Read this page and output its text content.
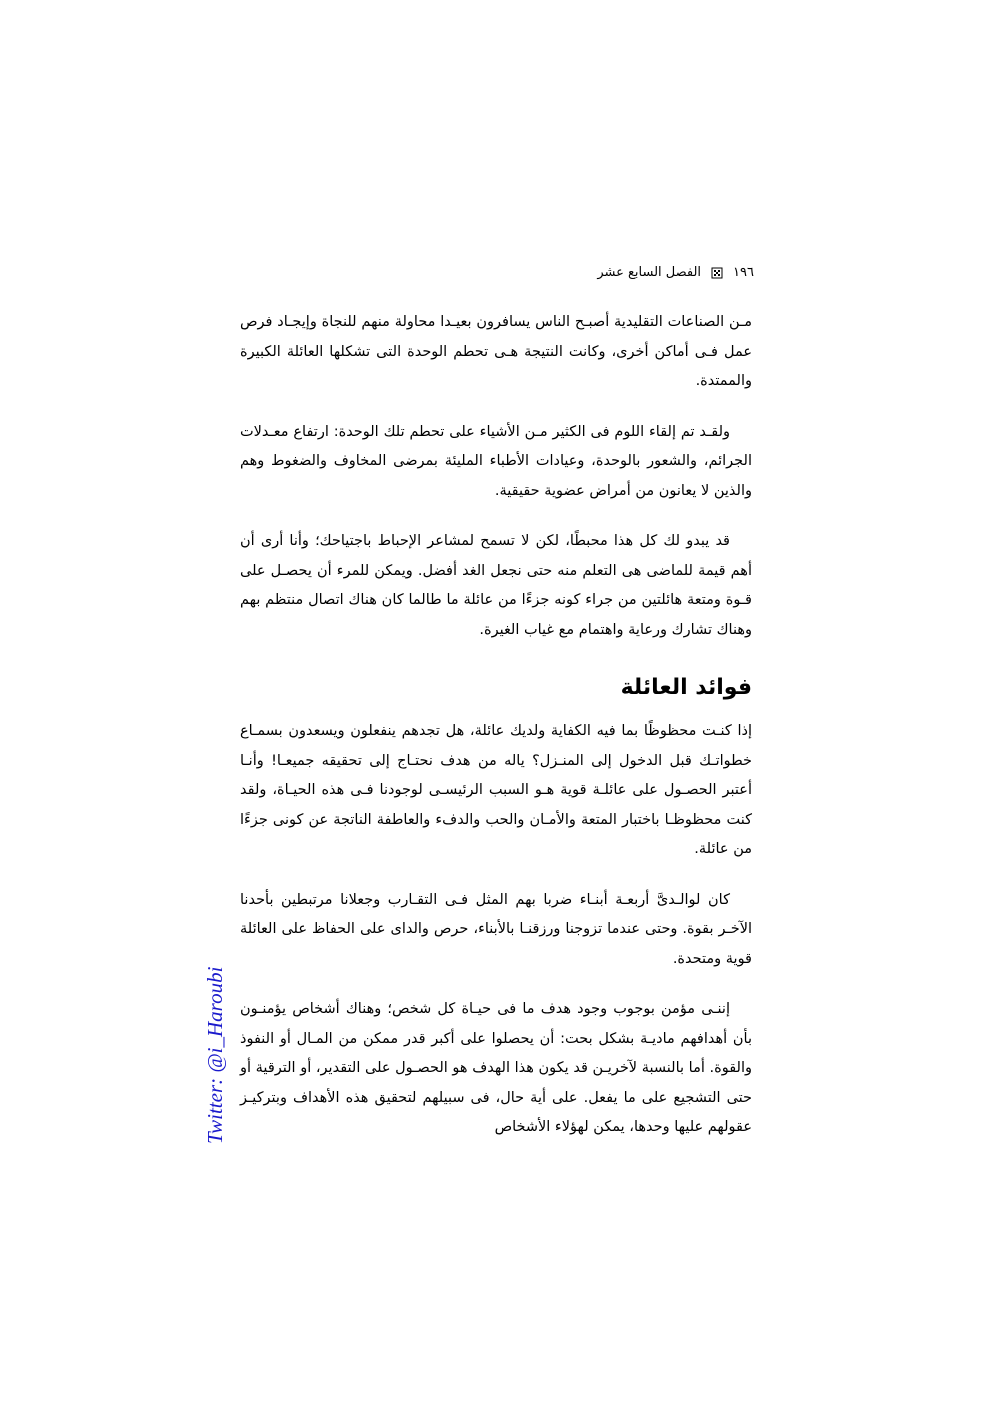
١٩٦
الفصل السابع عشر

مـن الصناعات التقليدية أصبـح الناس يسافرون بعيـدا محاولة منهم للنجاة وإيجـاد فرص عمل فـى أماكن أخرى، وكانت النتيجة هـى تحطم الوحدة التى تشكلها العائلة الكبيرة والممتدة.

ولقـد تم إلقاء اللوم فى الكثير مـن الأشياء على تحطم تلك الوحدة: ارتفاع معـدلات الجرائم، والشعور بالوحدة، وعيادات الأطباء المليئة بمرضى المخاوف والضغوط وهم والذين لا يعانون من أمراض عضوية حقيقية.

قد يبدو لك كل هذا محبطًا، لكن لا تسمح لمشاعر الإحباط باجتياحك؛ وأنا أرى أن أهم قيمة للماضى هى التعلم منه حتى نجعل الغد أفضل. ويمكن للمرء أن يحصـل على قـوة ومتعة هائلتين من جراء كونه جزءًا من عائلة ما طالما كان هناك اتصال منتظم بهم وهناك تشارك ورعاية واهتمام مع غياب الغيرة.

فوائد العائلة

إذا كنـت محظوظًا بما فيه الكفاية ولديك عائلة، هل تجدهم ينفعلون ويسعدون بسمـاع خطواتـك قبل الدخول إلى المنـزل؟ ياله من هدف نحتـاج إلى تحقيقه جميعـا! وأنـا أعتبر الحصـول على عائلـة قوية هـو السبب الرئيسـى لوجودنا فـى هذه الحيـاة، ولقد كنت محظوظـا باختبار المتعة والأمـان والحب والدفء والعاطفة الناتجة عن كونى جزءًا من عائلة.

كان لوالـدىَّ أربعـة أبنـاء ضربا بهم المثل فـى التقـارب وجعلانا مرتبطين بأحدنا الآخـر بقوة. وحتى عندما تزوجنا ورزقنـا بالأبناء، حرص والداى على الحفاظ على العائلة قوية ومتحدة.

إننـى مؤمن بوجوب وجود هدف ما فى حيـاة كل شخص؛ وهناك أشخاص يؤمنـون بأن أهدافهم ماديـة بشكل بحت: أن يحصلوا على أكبر قدر ممكن من المـال أو النفوذ والقوة. أما بالنسبة لآخريـن قد يكون هذا الهدف هو الحصـول على التقدير، أو الترقية أو حتى التشجيع على ما يفعل. على أية حال، فى سبيلهم لتحقيق هذه الأهداف وبتركيـز عقولهم عليها وحدها، يمكن لهؤلاء الأشخاص

Twitter: @i_Haroubi
